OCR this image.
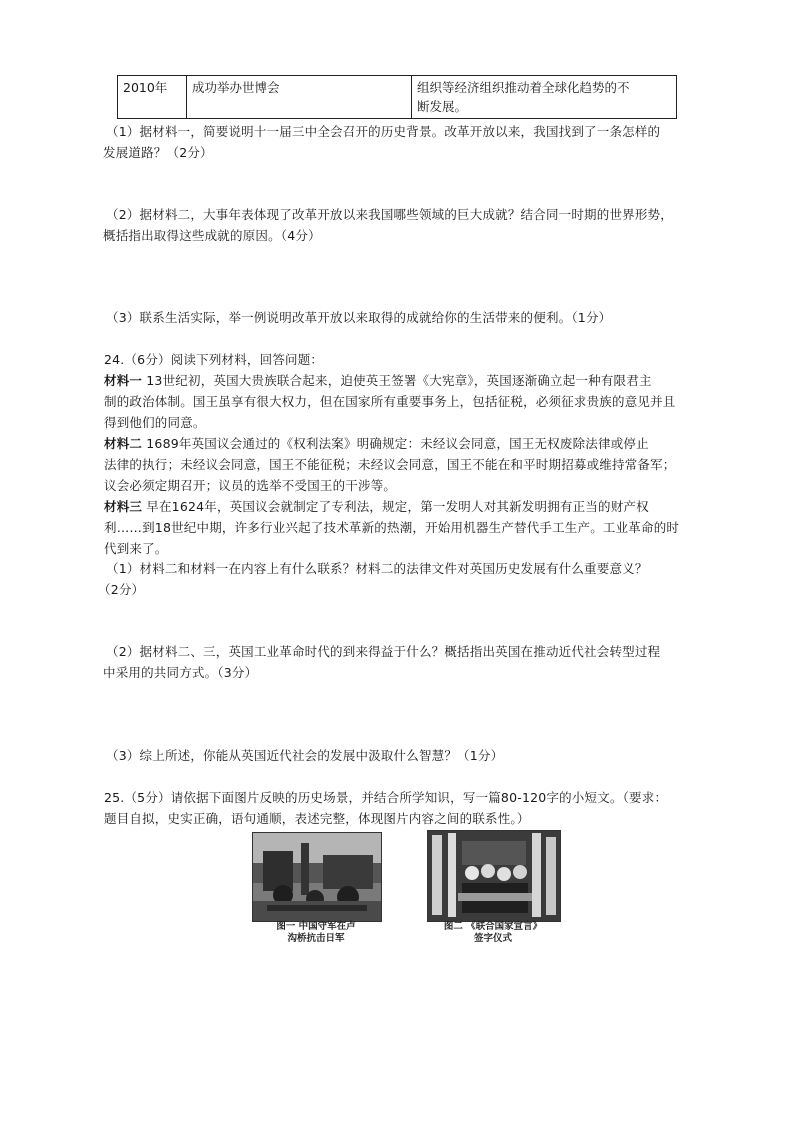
2010年	成功举办世博会	组织等经济组织推动着全球化趋势的不
断发展。
（1）据材料一，简要说明十一届三中全会召开的历史背景。改革开放以来，我国找到了一条怎样的
发展道路？（2分）
（2）据材料二，大事年表体现了改革开放以来我国哪些领域的巨大成就？结合同一时期的世界形势，
概括指出取得这些成就的原因。（4分）
（3）联系生活实际，举一例说明改革开放以来取得的成就给你的生活带来的便利。（1分）
24.（6分）阅读下列材料，回答问题：
材料一 13世纪初，英国大贵族联合起来，迫使英王签署《大宪章》，英国逐渐确立起一种有限君主
制的政治体制。国王虽享有很大权力，但在国家所有重要事务上，包括征税，必须征求贵族的意见并且
得到他们的同意。
材料二 1689年英国议会通过的《权利法案》明确规定：未经议会同意，国王无权废除法律或停止
法律的执行；未经议会同意，国王不能征税；未经议会同意，国王不能在和平时期招募或维持常备军；
议会必须定期召开；议员的选举不受国王的干涉等。
材料三 早在1624年，英国议会就制定了专利法，规定，第一发明人对其新发明拥有正当的财产权
利……到18世纪中期，许多行业兴起了技术革新的热潮，开始用机器生产替代手工生产。工业革命的时
代到来了。
（1）材料二和材料一在内容上有什么联系？材料二的法律文件对英国历史发展有什么重要意义？
（2分）
（2）据材料二、三，英国工业革命时代的到来得益于什么？概括指出英国在推动近代社会转型过程
中采用的共同方式。（3分）
（3）综上所述，你能从英国近代社会的发展中汲取什么智慧？（1分）
25.（5分）请依据下面图片反映的历史场景，并结合所学知识，写一篇80-120字的小短文。（要求：
题目自拟，史实正确，语句通顺，表述完整，体现图片内容之间的联系性。）
图一 中国守军在卢
沟桥抗击日军
图二 《联合国家宣言》
签字仪式
